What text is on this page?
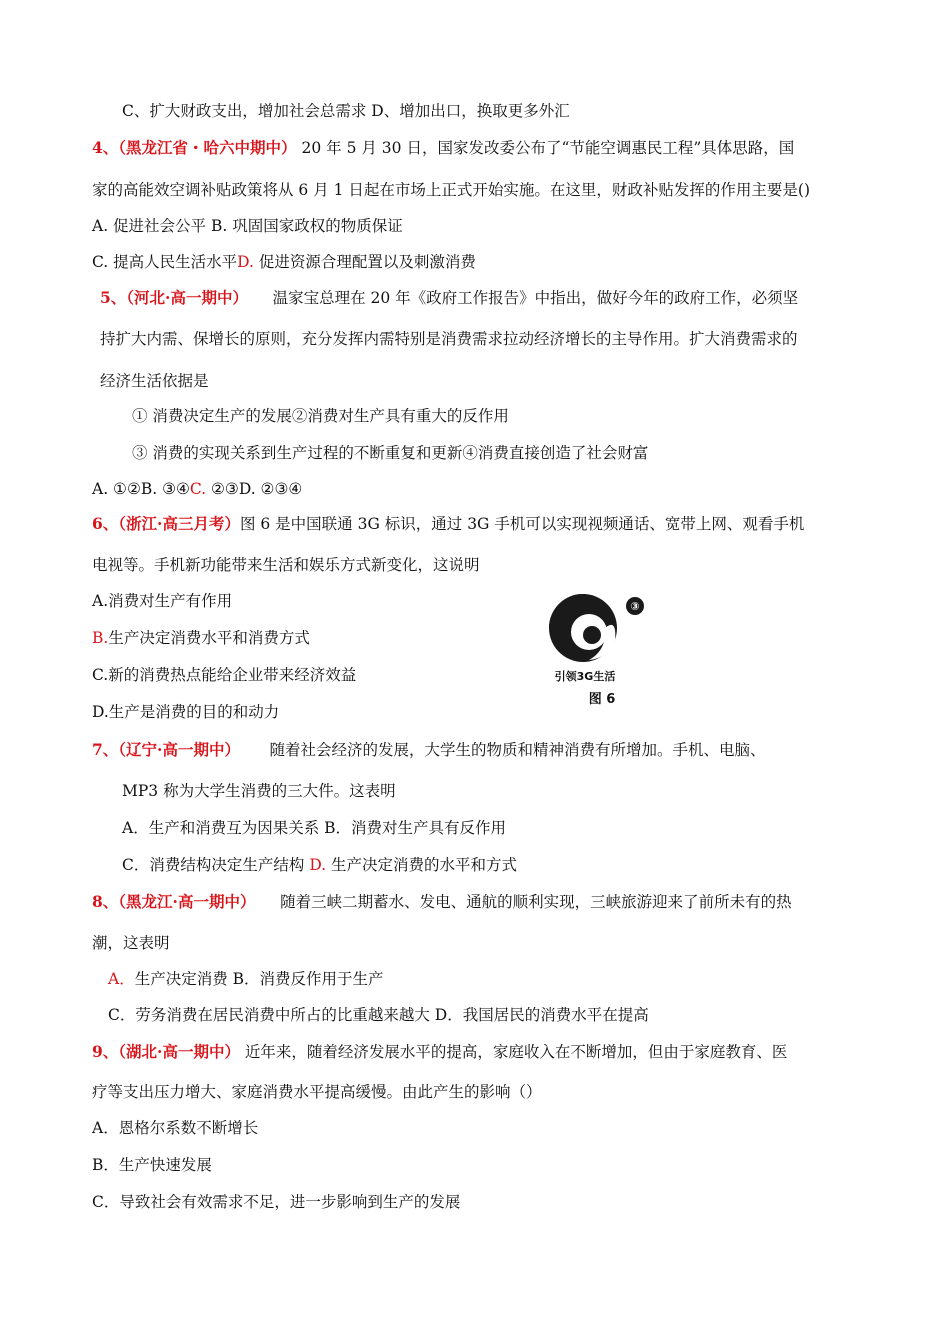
C、扩大财政支出，增加社会总需求 D、增加出口，换取更多外汇
4、（黑龙江省・哈六中期中） 20 年 5 月 30 日，国家发改委公布了“节能空调惠民工程”具体思路，国
家的高能效空调补贴政策将从 6 月 1 日起在市场上正式开始实施。在这里，财政补贴发挥的作用主要是()
A. 促进社会公平 B. 巩固国家政权的物质保证
C. 提高人民生活水平D. 促进资源合理配置以及刺激消费
5、（河北·高一期中） 温家宝总理在 20 年《政府工作报告》中指出，做好今年的政府工作，必须坚
持扩大内需、保增长的原则，充分发挥内需特别是消费需求拉动经济增长的主导作用。扩大消费需求的
经济生活依据是
① 消费决定生产的发展②消费对生产具有重大的反作用
③ 消费的实现关系到生产过程的不断重复和更新④消费直接创造了社会财富
A. ①②B. ③④C. ②③D. ②③④
6、（浙江·高三月考）图 6 是中国联通 3G 标识，通过 3G 手机可以实现视频通话、宽带上网、观看手机
电视等。手机新功能带来生活和娱乐方式新变化，这说明
A.消费对生产有作用
B.生产决定消费水平和消费方式
C.新的消费热点能给企业带来经济效益
D.生产是消费的目的和动力
③
引领3G生活
图 6
7、（辽宁·高一期中） 随着社会经济的发展，大学生的物质和精神消费有所增加。手机、电脑、
MP3 称为大学生消费的三大件。这表明
A．生产和消费互为因果关系 B．消费对生产具有反作用
C．消费结构决定生产结构 D. 生产决定消费的水平和方式
8、（黑龙江·高一期中） 随着三峡二期蓄水、发电、通航的顺利实现，三峡旅游迎来了前所未有的热
潮，这表明
A．生产决定消费 B．消费反作用于生产
C．劳务消费在居民消费中所占的比重越来越大 D．我国居民的消费水平在提高
9、（湖北·高一期中） 近年来，随着经济发展水平的提高，家庭收入在不断增加，但由于家庭教育、医
疗等支出压力增大、家庭消费水平提高缓慢。由此产生的影响（）
A．恩格尔系数不断增长
B．生产快速发展
C．导致社会有效需求不足，进一步影响到生产的发展
